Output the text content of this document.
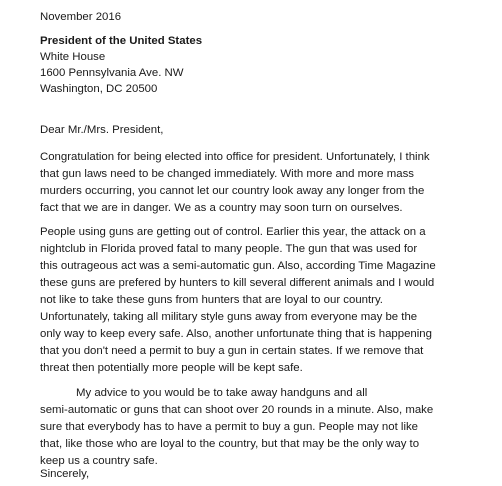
November 2016
President of the United States
White House
1600 Pennsylvania Ave. NW
Washington, DC 20500
Dear Mr./Mrs. President,
Congratulation for being elected into office for president. Unfortunately, I think
that gun laws need to be changed immediately. With more and more mass
murders occurring, you cannot let our country look away any longer from the
fact that we are in danger. We as a country may soon turn on ourselves.
People using guns are getting out of control. Earlier this year, the attack on a
nightclub in Florida proved fatal to many people. The gun that was used for
this outrageous act was a semi-automatic gun. Also, according Time Magazine
these guns are prefered by hunters to kill several different animals and I would
not like to take these guns from hunters that are loyal to our country.
Unfortunately, taking all military style guns away from everyone may be the
only way to keep every safe. Also, another unfortunate thing that is happening
that you don't need a permit to buy a gun in certain states. If we remove that
threat then potentially more people will be kept safe.
My advice to you would be to take away handguns and all
semi-automatic or guns that can shoot over 20 rounds in a minute. Also, make
sure that everybody has to have a permit to buy a gun. People may not like
that, like those who are loyal to the country, but that may be the only way to
keep us a country safe.
Sincerely,
